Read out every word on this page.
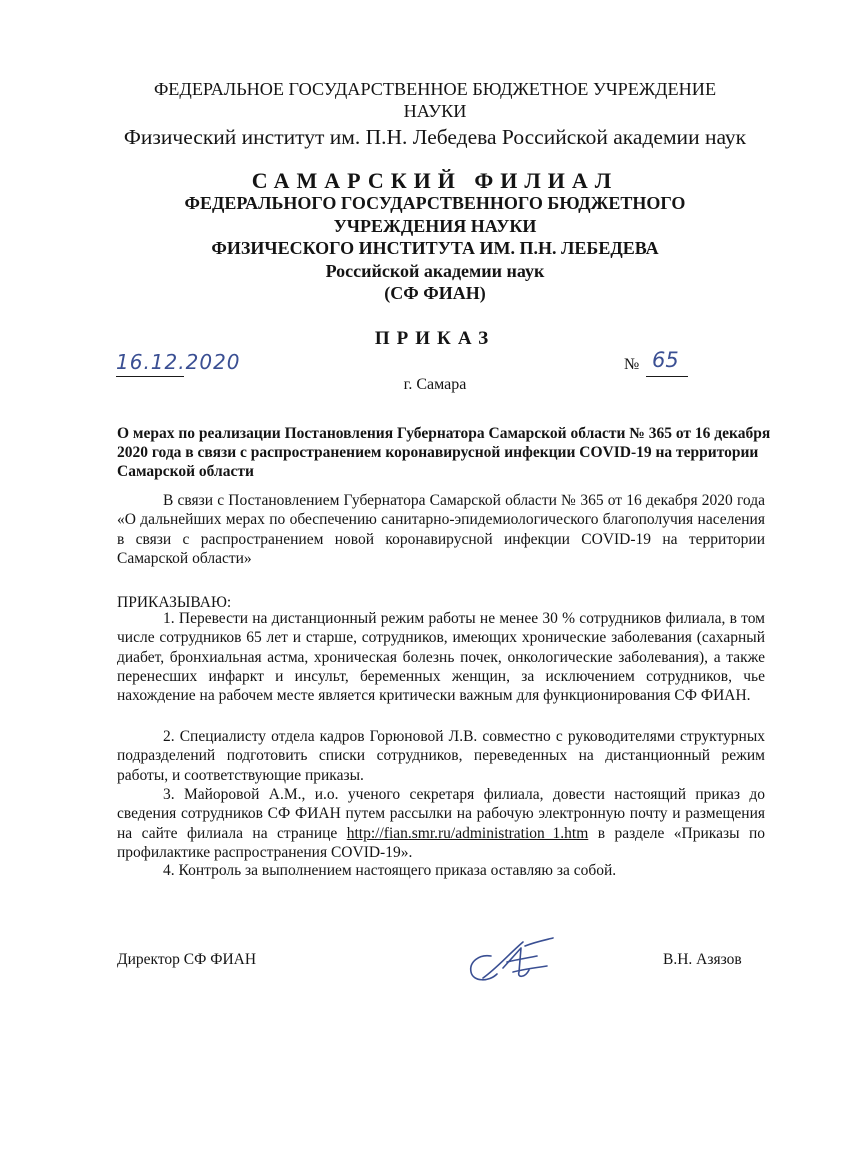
ФЕДЕРАЛЬНОЕ ГОСУДАРСТВЕННОЕ БЮДЖЕТНОЕ УЧРЕЖДЕНИЕ
НАУКИ
Физический институт им. П.Н. Лебедева Российской академии наук
САМАРСКИЙ ФИЛИАЛ
ФЕДЕРАЛЬНОГО ГОСУДАРСТВЕННОГО БЮДЖЕТНОГО
УЧРЕЖДЕНИЯ НАУКИ
ФИЗИЧЕСКОГО ИНСТИТУТА ИМ. П.Н. ЛЕБЕДЕВА
Российской академии наук
(СФ ФИАН)
ПРИКАЗ
16.12.2020	№ 65
г. Самара
О мерах по реализации Постановления Губернатора Самарской области № 365 от 16 декабря 2020 года в связи с распространением коронавирусной инфекции COVID-19 на территории Самарской области
В связи с Постановлением Губернатора Самарской области № 365 от 16 декабря 2020 года «О дальнейших мерах по обеспечению санитарно-эпидемиологического благополучия населения в связи с распространением новой коронавирусной инфекции COVID-19 на территории Самарской области»
ПРИКАЗЫВАЮ:
1. Перевести на дистанционный режим работы не менее 30 % сотрудников филиала, в том числе сотрудников 65 лет и старше, сотрудников, имеющих хронические заболевания (сахарный диабет, бронхиальная астма, хроническая болезнь почек, онкологические заболевания), а также перенесших инфаркт и инсульт, беременных женщин, за исключением сотрудников, чье нахождение на рабочем месте является критически важным для функционирования СФ ФИАН.
2. Специалисту отдела кадров Горюновой Л.В. совместно с руководителями структурных подразделений подготовить списки сотрудников, переведенных на дистанционный режим работы, и соответствующие приказы.
3. Майоровой А.М., и.о. ученого секретаря филиала, довести настоящий приказ до сведения сотрудников СФ ФИАН путем рассылки на рабочую электронную почту и размещения на сайте филиала на странице http://fian.smr.ru/administration_1.htm в разделе «Приказы по профилактике распространения COVID-19».
4. Контроль за выполнением настоящего приказа оставляю за собой.
Директор СФ ФИАН	В.Н. Азязов
